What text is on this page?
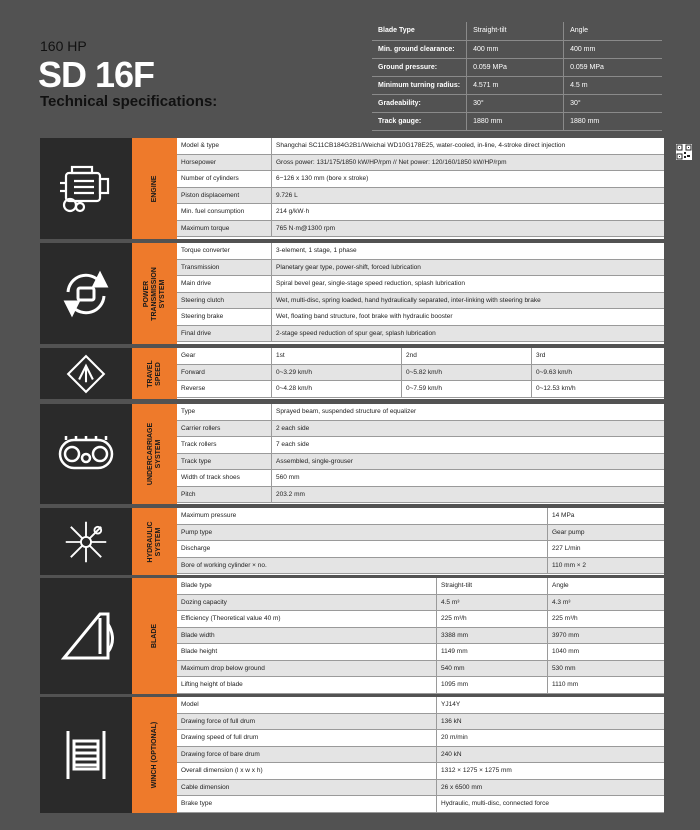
160 HP
SD 16F
Technical specifications:
Blade Type	Straight-tilt	Angle
Min. ground clearance:	400 mm	400 mm
Ground pressure:	0.059 MPa	0.059 MPa
Minimum turning radius:	4.571 m	4.5 m
Gradeability:	30°	30°
Track gauge:	1880 mm	1880 mm
ENGINE
Model & type	Shangchai SC11CB184G2B1/Weichai WD10G178E25, water-cooled, in-line, 4-stroke direct injection
Horsepower	Gross power: 131/175/1850 kW/HP/rpm // Net power: 120/160/1850 kW/HP/rpm
Number of cylinders	6−126 x 130 mm (bore x stroke)
Piston displacement	9.726 L
Min. fuel consumption	214 g/kW·h
Maximum torque	765 N·m@1300 rpm
POWER
TRANSMISSION
SYSTEM
Torque converter	3-element, 1 stage, 1 phase
Transmission	Planetary gear type, power-shift, forced lubrication
Main drive	Spiral bevel gear, single-stage speed reduction, splash lubrication
Steering clutch	Wet, multi-disc, spring loaded, hand hydraulically separated, inter-linking with steering brake
Steering brake	Wet, floating band structure, foot brake with hydraulic booster
Final drive	2-stage speed reduction of spur gear, splash lubrication
TRAVEL
SPEED
Gear	1st	2nd	3rd
Forward	0~3.29 km/h	0~5.82 km/h	0~9.63 km/h
Reverse	0~4.28 km/h	0~7.59 km/h	0~12.53 km/h
UNDERCARRIAGE
SYSTEM
Type	Sprayed beam, suspended structure of equalizer
Carrier rollers	2 each side
Track rollers	7 each side
Track type	Assembled, single-grouser
Width of track shoes	560 mm
Pitch	203.2 mm
HYDRAULIC
SYSTEM
Maximum pressure	14 MPa
Pump type	Gear pump
Discharge	227 L/min
Bore of working cylinder × no.	110 mm × 2
BLADE
Blade type	Straight-tilt	Angle
Dozing capacity	4.5 m³	4.3 m³
Efficiency (Theoretical value 40 m)	225 m³/h	225 m³/h
Blade width	3388 mm	3970 mm
Blade height	1149 mm	1040 mm
Maximum drop below ground	540 mm	530 mm
Lifting height of blade	1095 mm	1110 mm
WINCH (OPTIONAL)
Model	YJ14Y
Drawing force of full drum	136 kN
Drawing speed of full drum	20 m/min
Drawing force of bare drum	240 kN
Overall dimension (l x w x h)	1312 × 1275 × 1275 mm
Cable dimension	26 x 6500 mm
Brake type	Hydraulic, multi-disc, connected force
